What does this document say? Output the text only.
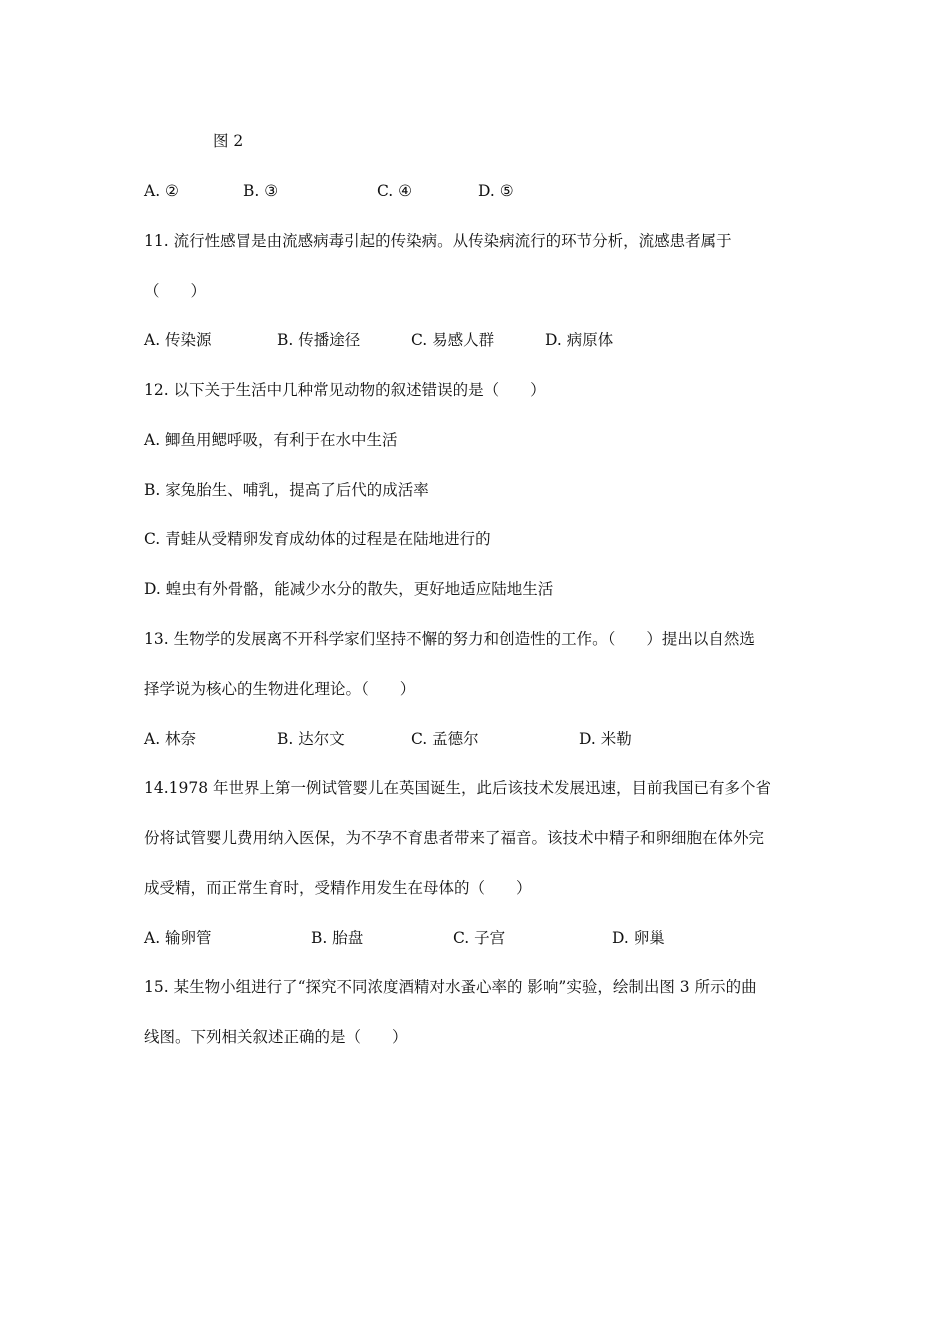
图 2
A. ②	B. ③	C. ④	D. ⑤
11. 流行性感冒是由流感病毒引起的传染病。从传染病流行的环节分析，流感患者属于
（　　）
A. 传染源	B. 传播途径	C. 易感人群	D. 病原体
12. 以下关于生活中几种常见动物的叙述错误的是（　　）
A. 鲫鱼用鳃呼吸，有利于在水中生活
B. 家兔胎生、哺乳，提高了后代的成活率
C. 青蛙从受精卵发育成幼体的过程是在陆地进行的
D. 蝗虫有外骨骼，能减少水分的散失，更好地适应陆地生活
13. 生物学的发展离不开科学家们坚持不懈的努力和创造性的工作。（　　）提出以自然选
择学说为核心的生物进化理论。（　　）
A. 林奈	B. 达尔文	C. 孟德尔	D. 米勒
14.1978 年世界上第一例试管婴儿在英国诞生，此后该技术发展迅速，目前我国已有多个省
份将试管婴儿费用纳入医保，为不孕不育患者带来了福音。该技术中精子和卵细胞在体外完
成受精，而正常生育时，受精作用发生在母体的（　　）
A. 输卵管	B. 胎盘	C. 子宫	D. 卵巢
15. 某生物小组进行了“探究不同浓度酒精对水蚤心率的 影响”实验，绘制出图 3 所示的曲
线图。下列相关叙述正确的是（　　）
